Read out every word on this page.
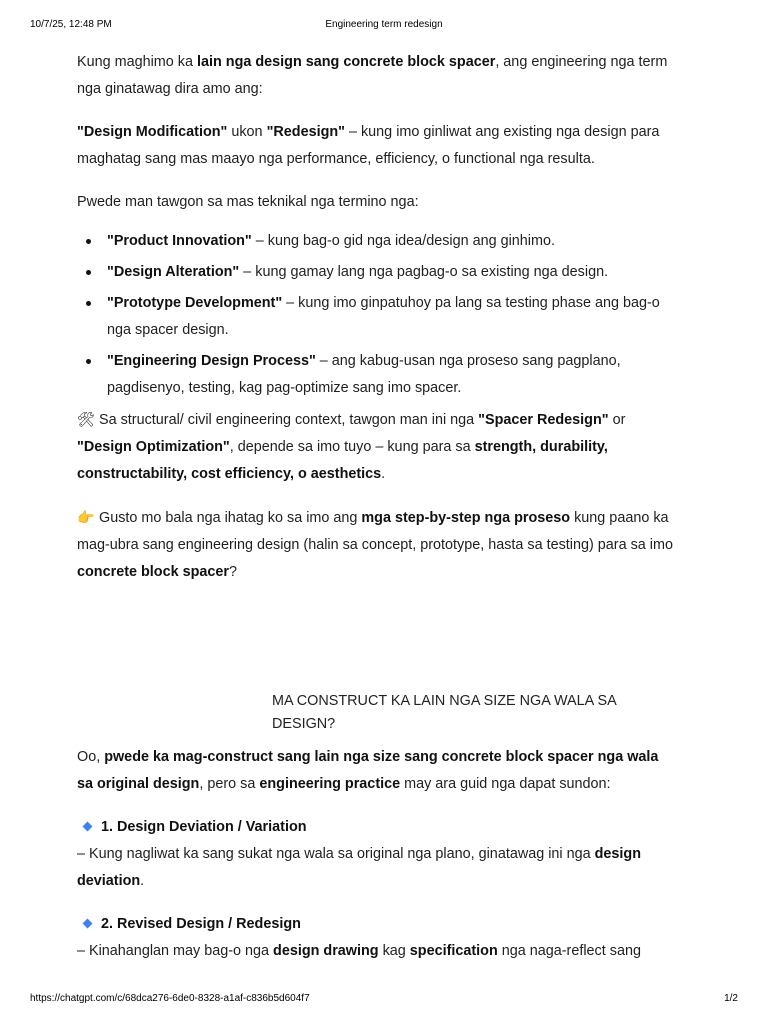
10/7/25, 12:48 PM	Engineering term redesign

Kung maghimo ka lain nga design sang concrete block spacer, ang engineering nga term nga ginatawag dira amo ang:

"Design Modification" ukon "Redesign" – kung imo ginliwat ang existing nga design para maghatag sang mas maayo nga performance, efficiency, o functional nga resulta.

Pwede man tawgon sa mas teknikal nga termino nga:

"Product Innovation" – kung bag-o gid nga idea/design ang ginhimo.
"Design Alteration" – kung gamay lang nga pagbag-o sa existing nga design.
"Prototype Development" – kung imo ginpatuhoy pa lang sa testing phase ang bag-o nga spacer design.
"Engineering Design Process" – ang kabug-usan nga proseso sang pagplano, pagdisenyo, testing, kag pag-optimize sang imo spacer.

🛠 Sa structural/ civil engineering context, tawgon man ini nga "Spacer Redesign" or "Design Optimization", depende sa imo tuyo – kung para sa strength, durability, constructability, cost efficiency, o aesthetics.

👉 Gusto mo bala nga ihatag ko sa imo ang mga step-by-step nga proseso kung paano ka mag-ubra sang engineering design (halin sa concept, prototype, hasta sa testing) para sa imo concrete block spacer?

MA CONSTRUCT KA LAIN NGA SIZE NGA WALA SA DESIGN?

Oo, pwede ka mag-construct sang lain nga size sang concrete block spacer nga wala sa original design, pero sa engineering practice may ara guid nga dapat sundon:

1. Design Deviation / Variation

– Kung nagliwat ka sang sukat nga wala sa original nga plano, ginatawag ini nga design deviation.

2. Revised Design / Redesign

– Kinahanglan may bag-o nga design drawing kag specification nga naga-reflect sang

https://chatgpt.com/c/68dca276-6de0-8328-a1af-c836b5d604f7	1/2
